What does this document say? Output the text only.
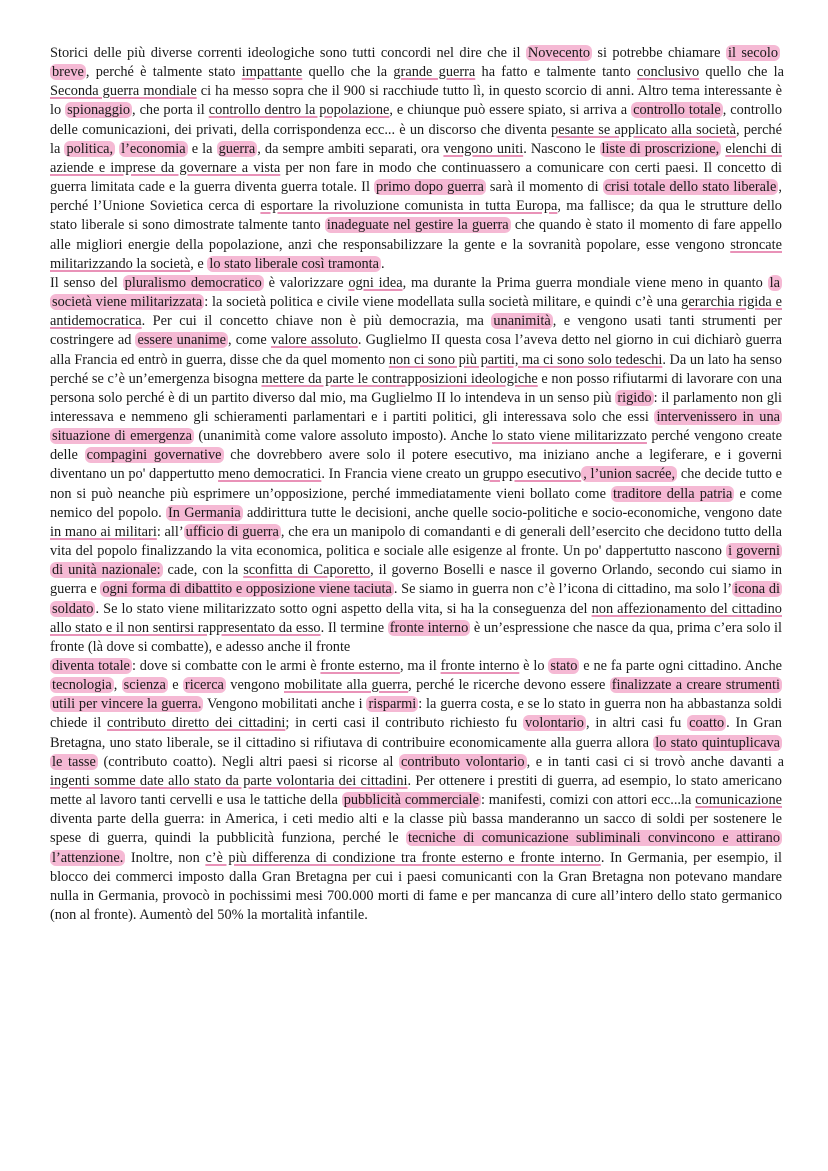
Storici delle più diverse correnti ideologiche sono tutti concordi nel dire che il Novecento si potrebbe chiamare il secolo breve , perché è talmente stato impattante quello che la grande guerra ha fatto e talmente tanto conclusivo quello che la Seconda guerra mondiale ci ha messo sopra che il 900 si racchiude tutto lì, in questo scorcio di anni. Altro tema interessante è lo spionaggio , che porta il controllo dentro la popolazione, e chiunque può essere spiato, si arriva a controllo totale , controllo delle comunicazioni, dei privati, della corrispondenza ecc... è un discorso che diventa pesante se applicato alla società, perché la politica, l’economia e la guerra , da sempre ambiti separati, ora vengono uniti. Nascono le liste di proscrizione, elenchi di aziende e imprese da governare a vista per non fare in modo che continuassero a comunicare con certi paesi. Il concetto di guerra limitata cade e la guerra diventa guerra totale. Il primo dopo guerra sarà il momento di crisi totale dello stato liberale , perché l’Unione Sovietica cerca di esportare la rivoluzione comunista in tutta Europa, ma fallisce; da qua le strutture dello stato liberale si sono dimostrate talmente tanto inadeguate nel gestire la guerra che quando è stato il momento di fare appello alle migliori energie della popolazione, anzi che responsabilizzare la gente e la sovranità popolare, esse vengono stroncate militarizzando la società, e lo stato liberale così tramonta .

Il senso del pluralismo democratico è valorizzare ogni idea, ma durante la Prima guerra mondiale viene meno in quanto la società viene militarizzata : la società politica e civile viene modellata sulla società militare, e quindi c’è una gerarchia rigida e antidemocratica. Per cui il concetto chiave non è più democrazia, ma unanimità , e vengono usati tanti strumenti per costringere ad essere unanime , come valore assoluto. Guglielmo II questa cosa l’aveva detto nel giorno in cui dichiarò guerra alla Francia ed entrò in guerra, disse che da quel momento non ci sono più partiti, ma ci sono solo tedeschi. Da un lato ha senso perché se c’è un’emergenza bisogna mettere da parte le contrapposizioni ideologiche e non posso rifiutarmi di lavorare con una persona solo perché è di un partito diverso dal mio, ma Guglielmo II lo intendeva in un senso più rigido : il parlamento non gli interessava e nemmeno gli schieramenti parlamentari e i partiti politici, gli interessava solo che essi intervenissero in una situazione di emergenza (unanimità come valore assoluto imposto). Anche lo stato viene militarizzato perché vengono create delle compagini governative che dovrebbero avere solo il potere esecutivo, ma iniziano anche a legiferare, e i governi diventano un po' dappertutto meno democratici. In Francia viene creato un gruppo esecutivo , l’union sacrée, che decide tutto e non si può neanche più esprimere un’opposizione, perché immediatamente vieni bollato come traditore della patria e come nemico del popolo. In Germania addirittura tutte le decisioni, anche quelle socio-politiche e socio-economiche, vengono date in mano ai militari: all’ ufficio di guerra , che era un manipolo di comandanti e di generali dell’esercito che decidono tutto della vita del popolo finalizzando la vita economica, politica e sociale alle esigenze al fronte. Un po' dappertutto nascono i governi di unità nazionale: cade, con la sconfitta di Caporetto, il governo Boselli e nasce il governo Orlando, secondo cui siamo in guerra e ogni forma di dibattito e opposizione viene taciuta . Se siamo in guerra non c’è l’icona di cittadino, ma solo l’ icona di soldato . Se lo stato viene militarizzato sotto ogni aspetto della vita, si ha la conseguenza del non affezionamento del cittadino allo stato e il non sentirsi rappresentato da esso. Il termine fronte interno è un’espressione che nasce da qua, prima c’era solo il fronte (là dove si combatte), e adesso anche il fronte

diventa totale : dove si combatte con le armi è fronte esterno, ma il fronte interno è lo stato e ne fa parte ogni cittadino. Anche tecnologia , scienza e ricerca vengono mobilitate alla guerra, perché le ricerche devono essere finalizzate a creare strumenti utili per vincere la guerra. Vengono mobilitati anche i risparmi : la guerra costa, e se lo stato in guerra non ha abbastanza soldi chiede il contributo diretto dei cittadini; in certi casi il contributo richiesto fu volontario , in altri casi fu coatto . In Gran Bretagna, uno stato liberale, se il cittadino si rifiutava di contribuire economicamente alla guerra allora lo stato quintuplicava le tasse (contributo coatto). Negli altri paesi si ricorse al contributo volontario , e in tanti casi ci si trovò anche davanti a ingenti somme date allo stato da parte volontaria dei cittadini. Per ottenere i prestiti di guerra, ad esempio, lo stato americano mette al lavoro tanti cervelli e usa le tattiche della pubblicità commerciale : manifesti, comizi con attori ecc...la comunicazione diventa parte della guerra: in America, i ceti medio alti e la classe più bassa manderanno un sacco di soldi per sostenere le spese di guerra, quindi la pubblicità funziona, perché le tecniche di comunicazione subliminali convincono e attirano l’attenzione. Inoltre, non c’è più differenza di condizione tra fronte esterno e fronte interno. In Germania, per esempio, il blocco dei commerci imposto dalla Gran Bretagna per cui i paesi comunicanti con la Gran Bretagna non potevano mandare nulla in Germania, provocò in pochissimi mesi 700.000 morti di fame e per mancanza di cure all’intero dello stato germanico (non al fronte). Aumentò del 50% la mortalità infantile.
